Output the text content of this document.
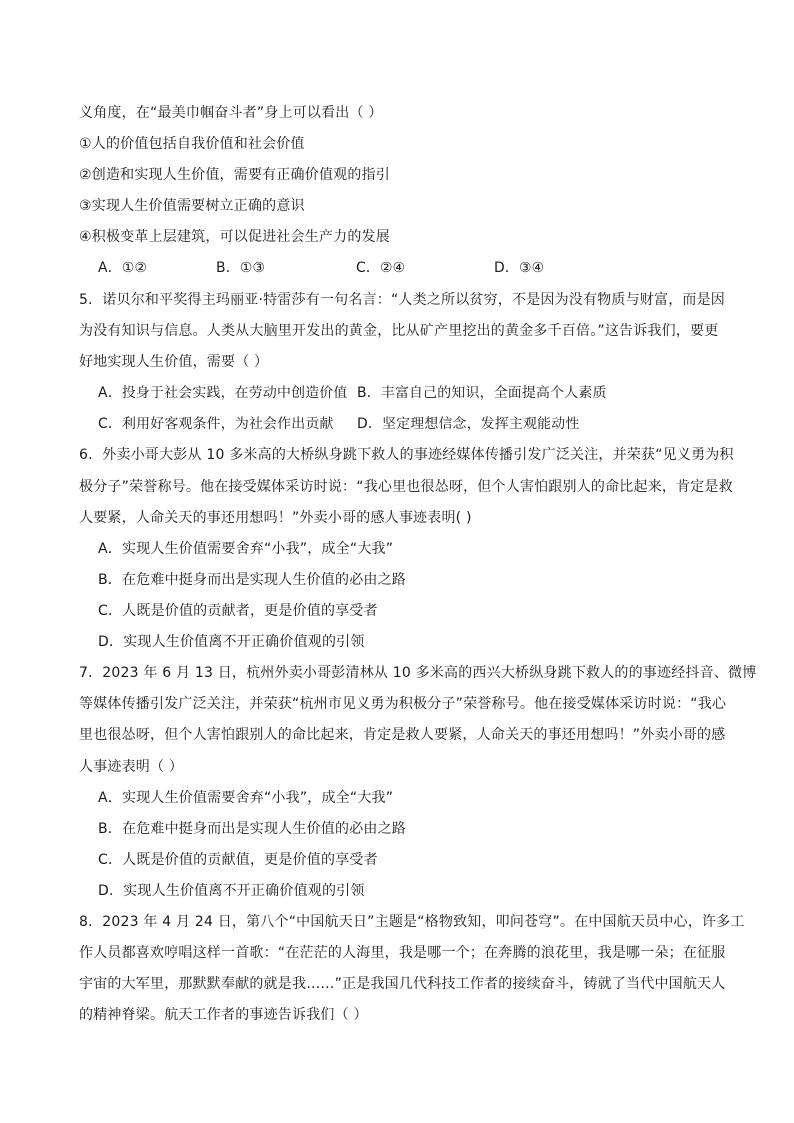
义角度，在“最美巾帼奋斗者”身上可以看出（ ）
①人的价值包括自我价值和社会价值
②创造和实现人生价值，需要有正确价值观的指引
③实现人生价值需要树立正确的意识
④积极变革上层建筑，可以促进社会生产力的发展
A．①②	B．①③	C．②④	D．③④
5．诺贝尔和平奖得主玛丽亚·特雷莎有一句名言：“人类之所以贫穷，不是因为没有物质与财富，而是因
为没有知识与信息。人类从大脑里开发出的黄金，比从矿产里挖出的黄金多千百倍。”这告诉我们，要更
好地实现人生价值，需要（ ）
A．投身于社会实践，在劳动中创造价值 B．丰富自己的知识，全面提高个人素质
C．利用好客观条件，为社会作出贡献 D．坚定理想信念，发挥主观能动性
6．外卖小哥大彭从 10 多米高的大桥纵身跳下救人的事迹经媒体传播引发广泛关注，并荣获“见义勇为积
极分子”荣誉称号。他在接受媒体采访时说：“我心里也很怂呀，但个人害怕跟别人的命比起来，肯定是救
人要紧，人命关天的事还用想吗！”外卖小哥的感人事迹表明( )
A．实现人生价值需要舍弃“小我”，成全“大我”
B．在危难中挺身而出是实现人生价值的必由之路
C．人既是价值的贡献者，更是价值的享受者
D．实现人生价值离不开正确价值观的引领
7．2023 年 6 月 13 日，杭州外卖小哥彭清林从 10 多米高的西兴大桥纵身跳下救人的的事迹经抖音、微博
等媒体传播引发广泛关注，并荣获“杭州市见义勇为积极分子”荣誉称号。他在接受媒体采访时说：“我心
里也很怂呀，但个人害怕跟别人的命比起来，肯定是救人要紧，人命关天的事还用想吗！”外卖小哥的感
人事迹表明（ ）
A．实现人生价值需要舍弃“小我”，成全“大我”
B．在危难中挺身而出是实现人生价值的必由之路
C．人既是价值的贡献值，更是价值的享受者
D．实现人生价值离不开正确价值观的引领
8．2023 年 4 月 24 日，第八个“中国航天日”主题是“格物致知，叩问苍穹”。在中国航天员中心，许多工
作人员都喜欢哼唱这样一首歌：“在茫茫的人海里，我是哪一个；在奔腾的浪花里，我是哪一朵；在征服
宇宙的大军里，那默默奉献的就是我……”正是我国几代科技工作者的接续奋斗，铸就了当代中国航天人
的精神脊梁。航天工作者的事迹告诉我们（ ）
